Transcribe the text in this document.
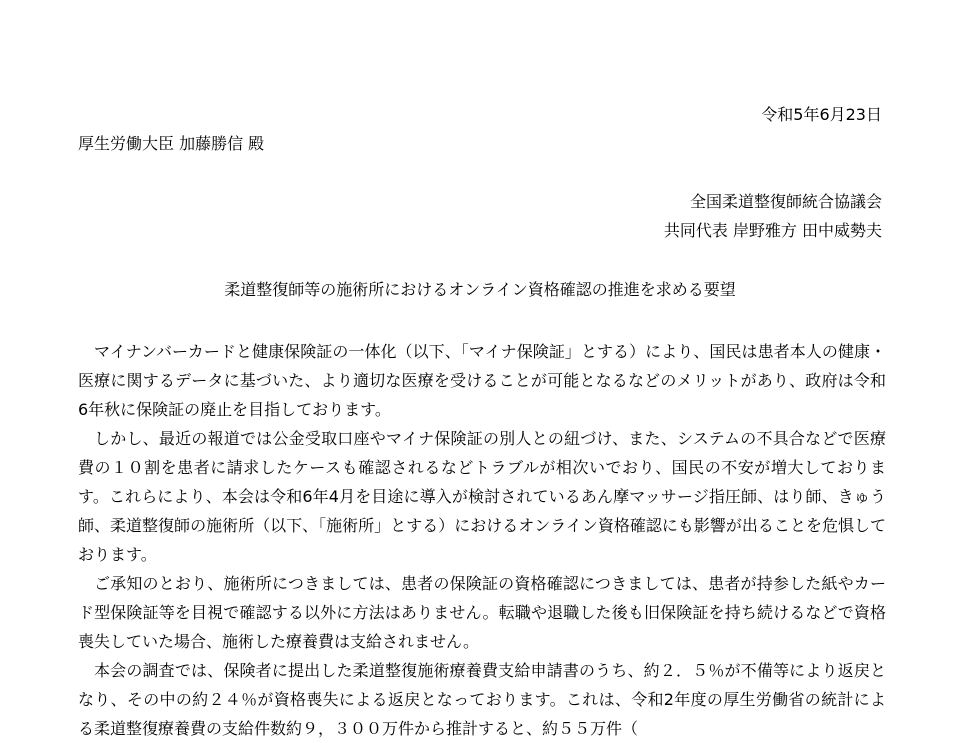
令和5年6月23日
厚生労働大臣 加藤勝信 殿
全国柔道整復師統合協議会
共同代表 岸野雅方 田中威勢夫
柔道整復師等の施術所におけるオンライン資格確認の推進を求める要望

マイナンバーカードと健康保険証の一体化（以下、「マイナ保険証」とする）により、国民は患者本人の健康・医療に関するデータに基づいた、より適切な医療を受けることが可能となるなどのメリットがあり、政府は令和6年秋に保険証の廃止を目指しております。

しかし、最近の報道では公金受取口座やマイナ保険証の別人との紐づけ、また、システムの不具合などで医療費の１０割を患者に請求したケースも確認されるなどトラブルが相次いでおり、国民の不安が増大しております。これらにより、本会は令和6年4月を目途に導入が検討されているあん摩マッサージ指圧師、はり師、きゅう師、柔道整復師の施術所（以下、「施術所」とする）におけるオンライン資格確認にも影響が出ることを危惧しております。

ご承知のとおり、施術所につきましては、患者の保険証の資格確認につきましては、患者が持参した紙やカード型保険証等を目視で確認する以外に方法はありません。転職や退職した後も旧保険証を持ち続けるなどで資格喪失していた場合、施術した療養費は支給されません。

本会の調査では、保険者に提出した柔道整復施術療養費支給申請書のうち、約２．５％が不備等により返戻となり、その中の約２４％が資格喪失による返戻となっております。これは、令和2年度の厚生労働省の統計による柔道整復療養費の支給件数約９，３００万件から推計すると、約５５万件（
